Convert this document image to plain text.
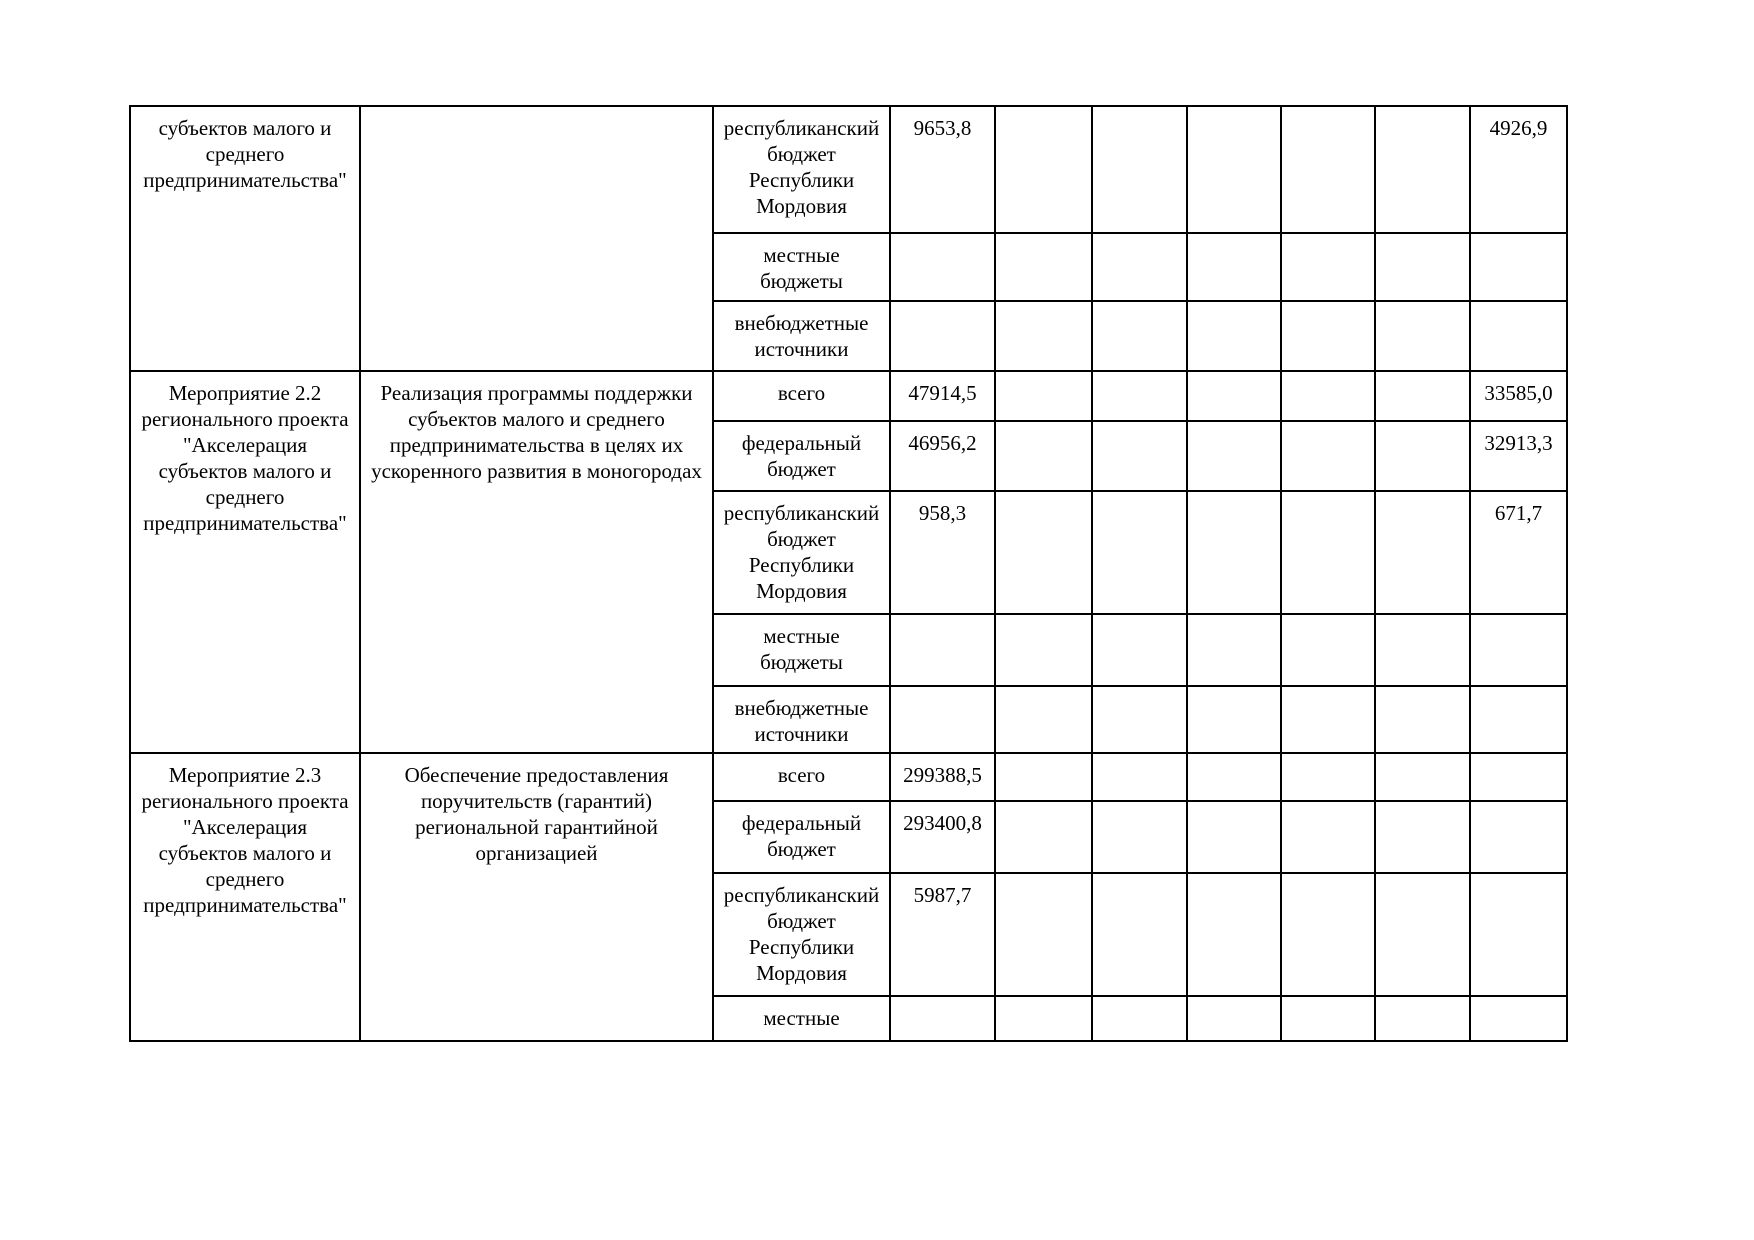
субъектов малого и среднего предпринимательства"		республиканский бюджет Республики Мордовия	9653,8						4926,9
		местные бюджеты							
		внебюджетные источники							
Мероприятие 2.2 регионального проекта "Акселерация субъектов малого и среднего предпринимательства"	Реализация программы поддержки субъектов малого и среднего предпринимательства в целях их ускоренного развития в моногородах	всего	47914,5						33585,0
		федеральный бюджет	46956,2						32913,3
		республиканский бюджет Республики Мордовия	958,3						671,7
		местные бюджеты							
		внебюджетные источники							
Мероприятие 2.3 регионального проекта "Акселерация субъектов малого и среднего предпринимательства"	Обеспечение предоставления поручительств (гарантий) региональной гарантийной организацией	всего	299388,5						
		федеральный бюджет	293400,8						
		республиканский бюджет Республики Мордовия	5987,7						
		местные							
